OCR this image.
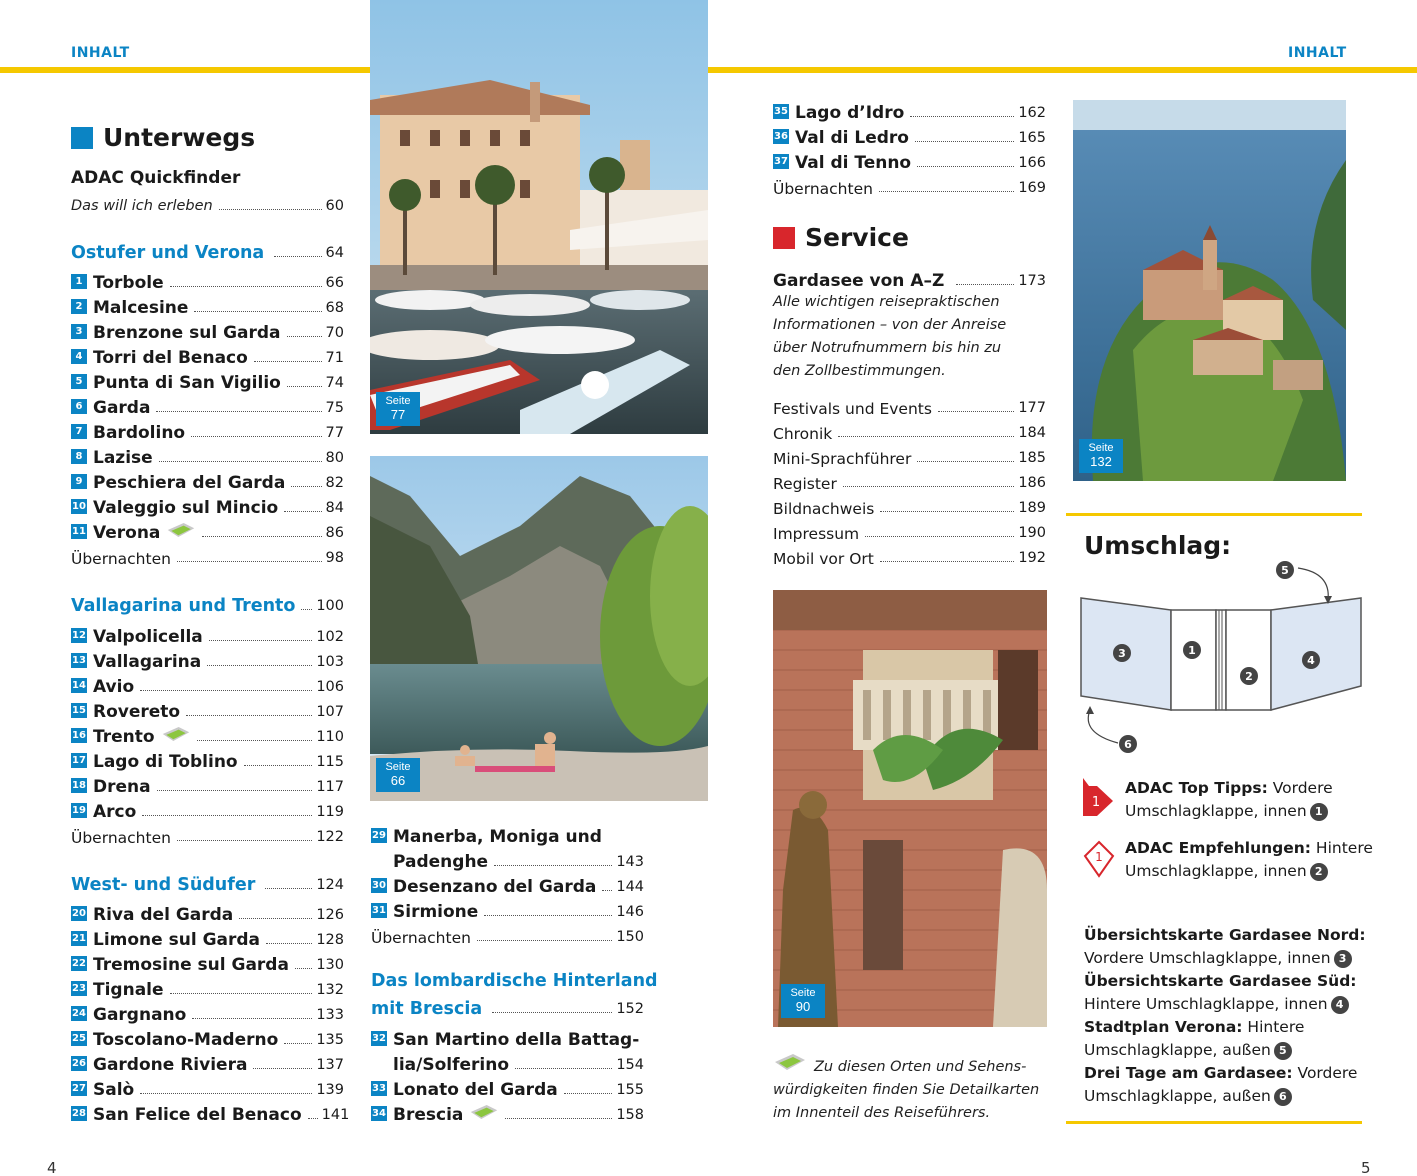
INHALT	INHALT
4	5
Unterwegs
ADAC Quickfinder
Das will ich erleben	60
Ostufer und Verona	64
Vallagarina und Trento 100
West- und Südufer	124
Seite
77
Seite
66
Das lombardische Hinterland
mit Brescia	152
Service
Gardasee von A–Z	173
Alle wichtigen reisepraktischen
Informationen – von der Anreise
über Notrufnummern bis hin zu
den Zollbestimmungen.
Seite
90
Zu diesen Orten und Sehens-
würdigkeiten finden Sie Detailkarten
im Innenteil des Reiseführers.
Seite
132
Umschlag:
3	1
2
4
5
6
1
ADAC Top Tipps: Vordere
Umschlagklappe, innen 1
1 ADAC Empfehlungen: Hintere
Umschlagklappe, innen 2
Übersichtskarte Gardasee Nord:
Vordere Umschlagklappe, innen 3
Übersichtskarte Gardasee Süd:
Hintere Umschlagklappe, innen 4
Stadtplan Verona: Hintere
Umschlagklappe, außen 5
Drei Tage am Gardasee: Vordere
Umschlagklappe, außen 6
1 Torbole	66
2 Malcesine	68
3 Brenzone sul Garda	70
4 Torri del Benaco	71
5 Punta di San Vigilio	74
6 Garda	75
7 Bardolino	77
8 Lazise	80
9 Peschiera del Garda	82
10 Valeggio sul Mincio	84
11 Verona	86
Übernachten	98
12 Valpolicella	102
13 Vallagarina	103
14 Avio	106
15 Rovereto	107
16 Trento	110
17 Lago di Toblino	115
18 Drena	117
19 Arco	119
Übernachten	122
20 Riva del Garda	126
21 Limone sul Garda	128
22 Tremosine sul Garda 130
23 Tignale	132
24 Gargnano	133
25 Toscolano-Maderno	135
26 Gardone Riviera	137
27 Salò	139
28 San Felice del Benaco 141
29 Manerba, Moniga und
Padenghe	143
30 Desenzano del Garda 144
31 Sirmione	146
Übernachten	150
32 San Martino della Battag-
lia/Solferino	154
33 Lonato del Garda	155
34 Brescia	158
35 Lago d’Idro	162
36 Val di Ledro	165
37 Val di Tenno	166
Übernachten	169
Festivals und Events	177
Chronik	184
Mini-Sprachführer	185
Register	186
Bildnachweis	189
Impressum	190
Mobil vor Ort	192
